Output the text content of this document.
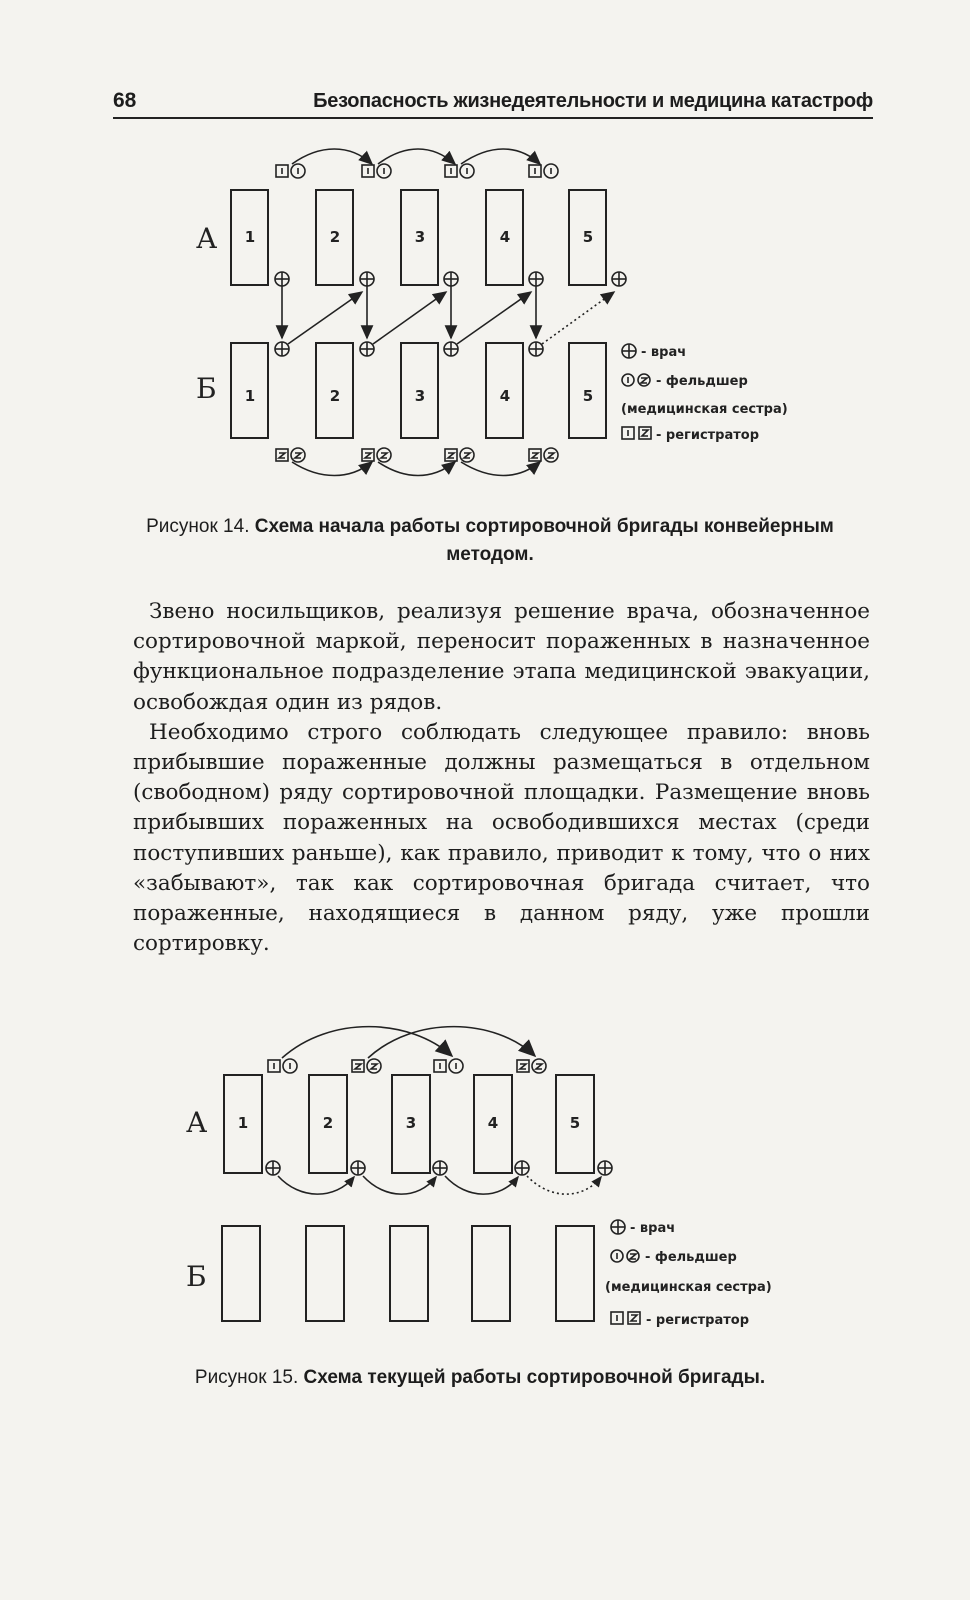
68	Безопасность жизнедеятельности и медицина катастроф
А
Б
1	2	3	4	5
1	2	3	4	5
- врач
- фельдшер
(медицинская сестра)
- регистратор
Рисунок 14. Схема начала работы сортировочной бригады конвейерным методом.

Звено носильщиков, реализуя решение врача, обозначенное сортировочной маркой, переносит пораженных в назначенное функциональное подразделение этапа медицинской эвакуации, освобождая один из рядов.

Необходимо строго соблюдать следующее правило: вновь прибывшие пораженные должны размещаться в отдельном (свободном) ряду сортировочной площадки. Размещение вновь прибывших пораженных на освободившихся местах (среди поступивших раньше), как правило, приводит к тому, что о них «забывают», так как сортировочная бригада считает, что пораженные, находящиеся в данном ряду, уже прошли сортировку.

А
Б
1	2	3	4	5
- врач
- фельдшер
(медицинская сестра)
- регистратор
Рисунок 15. Схема текущей работы сортировочной бригады.
